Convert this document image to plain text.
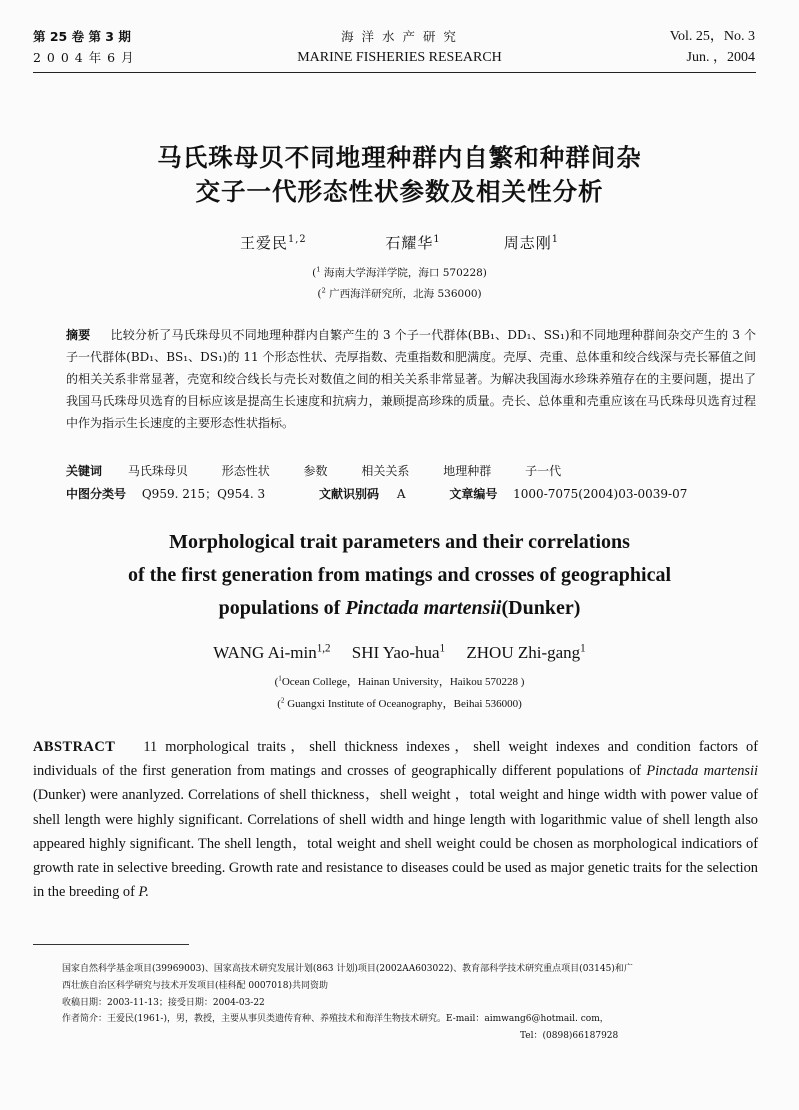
第 25 卷 第 3 期
2 0 0 4 年 6 月
海 洋 水 产 研 究
MARINE FISHERIES RESEARCH
Vol. 25，No. 3
Jun. ，2004
马氏珠母贝不同地理种群内自繁和种群间杂
交子一代形态性状参数及相关性分析
王爱民$^{1,2}$	石耀华$^1$	周志刚$^1$
($^1$ 海南大学海洋学院，海口 570228)
($^2$ 广西海洋研究所，北海 536000)
摘要 比较分析了马氏珠母贝不同地理种群内自繁产生的 3 个子一代群体(BB₁、DD₁、SS₁)和不同地理种群间杂交产生的 3 个子一代群体(BD₁、BS₁、DS₁)的 11 个形态性状、壳厚指数、壳重指数和肥满度。壳厚、壳重、总体重和绞合线深与壳长幂值之间的相关关系非常显著，壳宽和绞合线长与壳长对数值之间的相关关系非常显著。为解决我国海水珍珠养殖存在的主要问题，提出了我国马氏珠母贝选育的目标应该是提高生长速度和抗病力，兼顾提高珍珠的质量。壳长、总体重和壳重应该在马氏珠母贝选育过程中作为指示生长速度的主要形态性状指标。
关键词 马氏珠母贝	形态性状	参数	相关关系	地理种群	子一代
中图分类号 Q959. 215；Q954. 3	文献识别码 A	文章编号 1000-7075(2004)03-0039-07
Morphological trait parameters and their correlations
of the first generation from matings and crosses of geographical
populations of Pinctada martensii(Dunker)
WANG $Ai-\min^{1,2}$ SHI Yao-hua$^1$ ZHOU Zhi-gang$^1$
($^1$Ocean College，Hainan University，Haikou 570228 )
($^2$ Guangxi Institute of Oceanography，Beihai 536000)
ABSTRACT 11 morphological traits，shell thickness indexes，shell weight indexes and condition factors of individuals of the first generation from matings and crosses of geographically different populations of Pinctada martensii (Dunker) were ananlyzed. Correlations of shell thickness，shell weight ，total weight and hinge width with power value of shell length were highly significant. Correlations of shell width and hinge length with logarithmic value of shell length also appeared highly significant. The shell length，total weight and shell weight could be chosen as morphological indicatiors of growth rate in selective breeding. Growth rate and resistance to diseases could be used as major genetic traits for the selection in the breeding of P.
国家自然科学基金项目(39969003)、国家高技术研究发展计划(863 计划)项目(2002AA603022)、教育部科学技术研究重点项目(03145)和广
西壮族自治区科学研究与技术开发项目(桂科配 0007018)共同资助
收稿日期：2003-11-13；接受日期：2004-03-22
作者简介：王爱民(1961-)，男，教授，主要从事贝类遗传育种、养殖技术和海洋生物技术研究。E-mail：aimwang6@hotmail. com，
Tel：(0898)66187928
